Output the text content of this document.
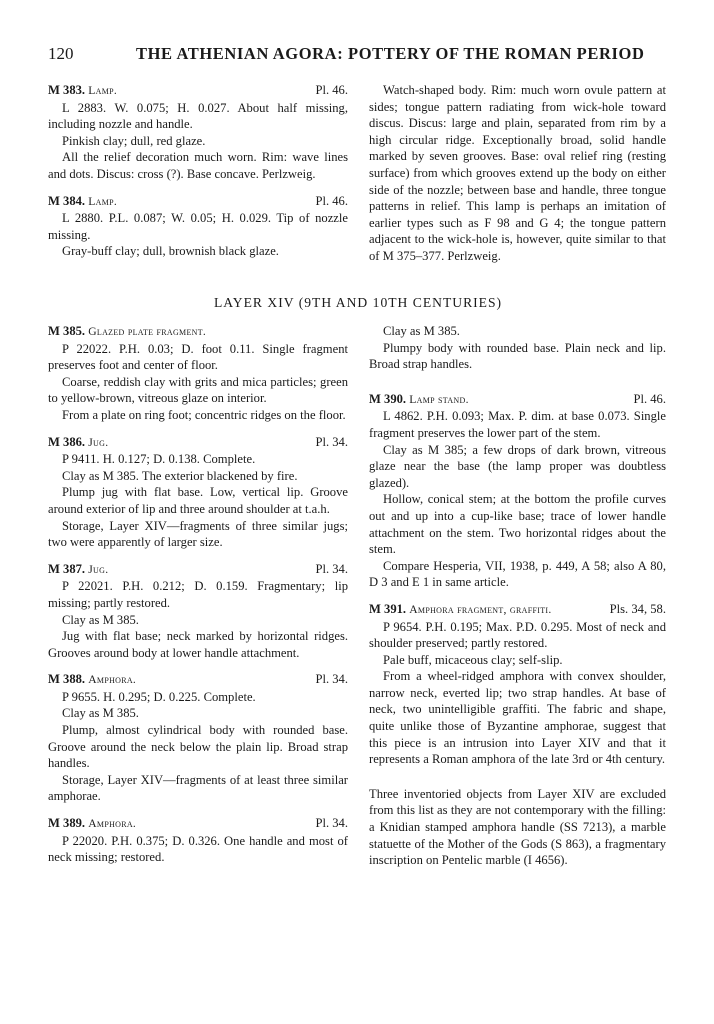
120	THE ATHENIAN AGORA: POTTERY OF THE ROMAN PERIOD
M 383. Lamp.	Pl. 46.

L 2883. W. 0.075; H. 0.027. About half missing, including nozzle and handle.

Pinkish clay; dull, red glaze.

All the relief decoration much worn. Rim: wave lines and dots. Discus: cross (?). Base concave. Perlzweig.

M 384. Lamp.	Pl. 46.

L 2880. P.L. 0.087; W. 0.05; H. 0.029. Tip of nozzle missing.

Gray-buff clay; dull, brownish black glaze.

Watch-shaped body. Rim: much worn ovule pattern at sides; tongue pattern radiating from wick-hole toward discus. Discus: large and plain, separated from rim by a high circular ridge. Exceptionally broad, solid handle marked by seven grooves. Base: oval relief ring (resting surface) from which grooves extend up the body on either side of the nozzle; between base and handle, three tongue patterns in relief. This lamp is perhaps an imitation of earlier types such as F 98 and G 4; the tongue pattern adjacent to the wick-hole is, however, quite similar to that of M 375–377. Perlzweig.

LAYER XIV (9TH AND 10TH CENTURIES)
M 385. Glazed plate fragment.

P 22022. P.H. 0.03; D. foot 0.11. Single fragment preserves foot and center of floor.

Coarse, reddish clay with grits and mica particles; green to yellow-brown, vitreous glaze on interior.

From a plate on ring foot; concentric ridges on the floor.

M 386. Jug.	Pl. 34.

P 9411. H. 0.127; D. 0.138. Complete.

Clay as M 385. The exterior blackened by fire.

Plump jug with flat base. Low, vertical lip. Groove around exterior of lip and three around shoulder at t.a.h.

Storage, Layer XIV—fragments of three similar jugs; two were apparently of larger size.

M 387. Jug.	Pl. 34.

P 22021. P.H. 0.212; D. 0.159. Fragmentary; lip missing; partly restored.

Clay as M 385.

Jug with flat base; neck marked by horizontal ridges. Grooves around body at lower handle attachment.

M 388. Amphora.	Pl. 34.

P 9655. H. 0.295; D. 0.225. Complete.

Clay as M 385.

Plump, almost cylindrical body with rounded base. Groove around the neck below the plain lip. Broad strap handles.

Storage, Layer XIV—fragments of at least three similar amphorae.

M 389. Amphora.	Pl. 34.

P 22020. P.H. 0.375; D. 0.326. One handle and most of neck missing; restored.

Clay as M 385.

Plumpy body with rounded base. Plain neck and lip. Broad strap handles.

M 390. Lamp stand.	Pl. 46.

L 4862. P.H. 0.093; Max. P. dim. at base 0.073. Single fragment preserves the lower part of the stem.

Clay as M 385; a few drops of dark brown, vitreous glaze near the base (the lamp proper was doubtless glazed).

Hollow, conical stem; at the bottom the profile curves out and up into a cup-like base; trace of lower handle attachment on the stem. Two horizontal ridges about the stem.

Compare Hesperia, VII, 1938, p. 449, A 58; also A 80, D 3 and E 1 in same article.

M 391. Amphora fragment, graffiti.	Pls. 34, 58.

P 9654. P.H. 0.195; Max. P.D. 0.295. Most of neck and shoulder preserved; partly restored.

Pale buff, micaceous clay; self-slip.

From a wheel-ridged amphora with convex shoulder, narrow neck, everted lip; two strap handles. At base of neck, two unintelligible graffiti. The fabric and shape, quite unlike those of Byzantine amphorae, suggest that this piece is an intrusion into Layer XIV and that it represents a Roman amphora of the late 3rd or 4th century.

Three inventoried objects from Layer XIV are excluded from this list as they are not contemporary with the filling: a Knidian stamped amphora handle (SS 7213), a marble statuette of the Mother of the Gods (S 863), a fragmentary inscription on Pentelic marble (I 4656).
